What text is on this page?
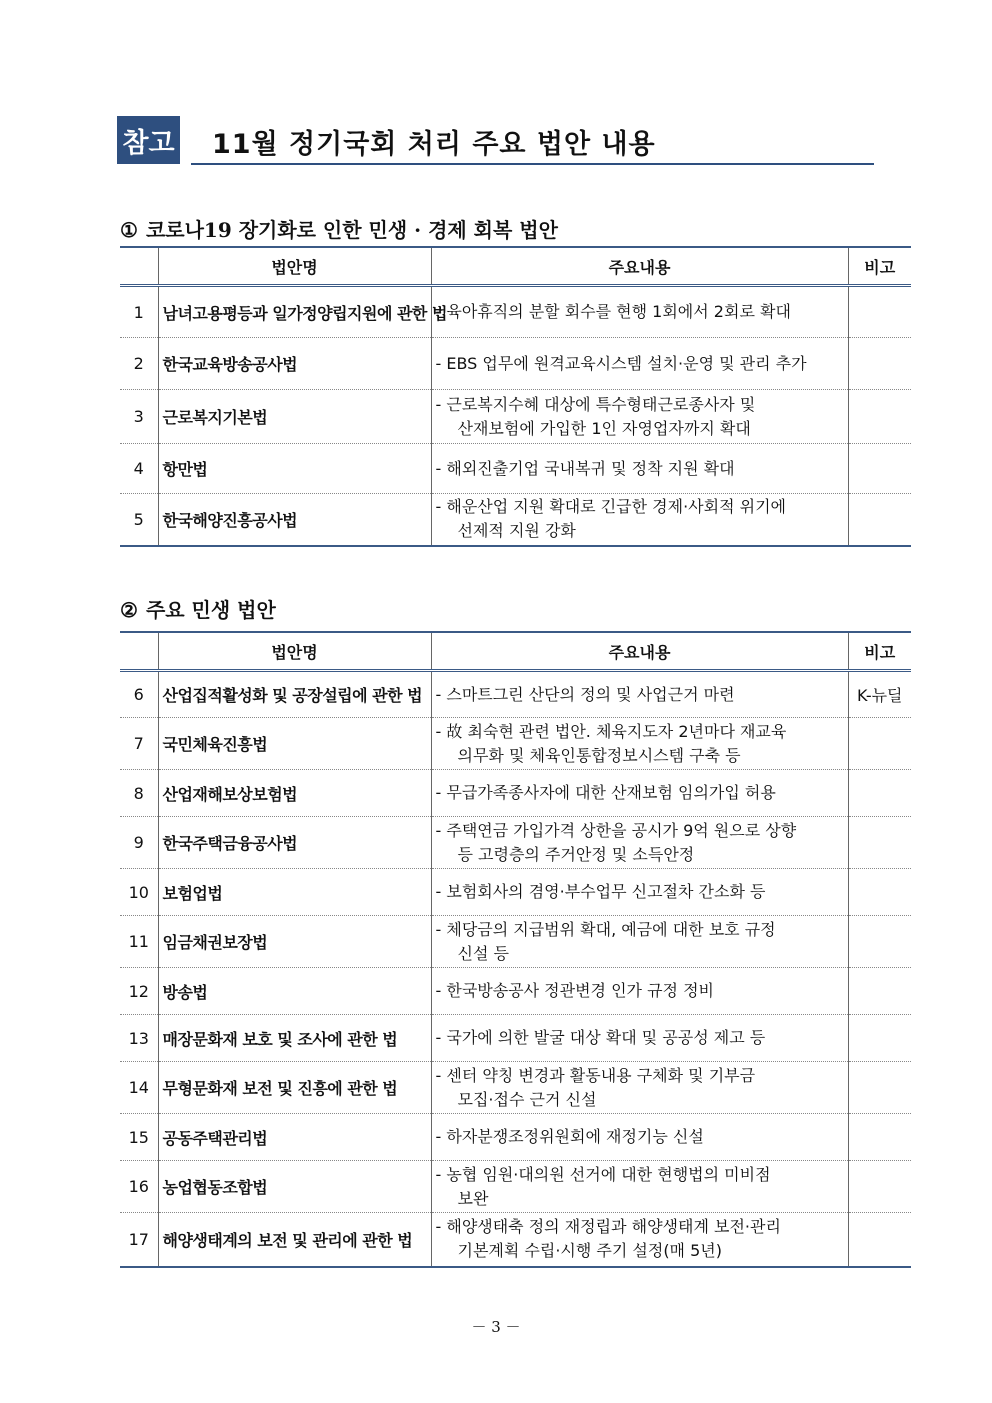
참고 11월 정기국회 처리 주요 법안 내용
① 코로나19 장기화로 인한 민생 · 경제 회복 법안
	법안명	주요내용	비고
1	남녀고용평등과 일가정양립지원에 관한 법	- 육아휴직의 분할 회수를 현행 1회에서 2회로 확대	

2	한국교육방송공사법	- EBS 업무에 원격교육시스템 설치·운영 및 관리 추가	

3	근로복지기본법	- 근로복지수혜 대상에 특수형태근로종사자 및
산재보험에 가입한 1인 자영업자까지 확대	

4	항만법	- 해외진출기업 국내복귀 및 정착 지원 확대	

5	한국해양진흥공사법	- 해운산업 지원 확대로 긴급한 경제·사회적 위기에
선제적 지원 강화	

② 주요 민생 법안
	법안명	주요내용	비고
6	산업집적활성화 및 공장설립에 관한 법	- 스마트그린 산단의 정의 및 사업근거 마련	K-뉴딜
7	국민체육진흥법	- 故 최숙현 관련 법안. 체육지도자 2년마다 재교육
의무화 및 체육인통합정보시스템 구축 등	

8	산업재해보상보험법	- 무급가족종사자에 대한 산재보험 임의가입 허용	

9	한국주택금융공사법	- 주택연금 가입가격 상한을 공시가 9억 원으로 상향
등 고령층의 주거안정 및 소득안정	

10	보험업법	- 보험회사의 겸영·부수업무 신고절차 간소화 등	

11	임금채권보장법	- 체당금의 지급범위 확대, 예금에 대한 보호 규정
신설 등	

12	방송법	- 한국방송공사 정관변경 인가 규정 정비	

13	매장문화재 보호 및 조사에 관한 법	- 국가에 의한 발굴 대상 확대 및 공공성 제고 등	

14	무형문화재 보전 및 진흥에 관한 법	- 센터 약칭 변경과 활동내용 구체화 및 기부금
모집·접수 근거 신설	

15	공동주택관리법	- 하자분쟁조정위원회에 재정기능 신설	

16	농업협동조합법	- 농협 임원·대의원 선거에 대한 현행법의 미비점
보완	

17	해양생태계의 보전 및 관리에 관한 법	- 해양생태축 정의 재정립과 해양생태계 보전·관리
기본계획 수립·시행 주기 설정(매 5년)	

－ 3 －
